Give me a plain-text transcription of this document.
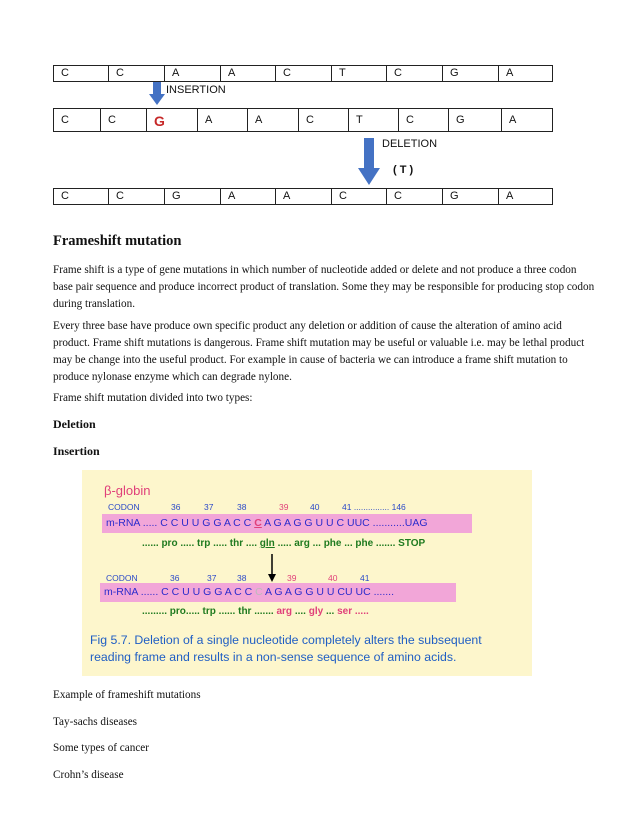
C	C	A	A	C	T	C	G	A
INSERTION
C	C	G	A	A	C	T	C	G	A
DELETION
( T )
C	C	G	A	A	C	C	G	A
Frameshift mutation

Frame shift is a type of gene mutations in which number of nucleotide added or delete and not produce a three codon base pair sequence and produce incorrect product of translation. Some they may be responsible for producing stop codon during translation.

Every three base have produce own specific product any deletion or addition of cause the alteration of amino acid product. Frame shift mutations is dangerous. Frame shift mutation may be useful or valuable i.e. may be lethal product may be change into the useful product. For example in cause of bacteria we can introduce a frame shift mutation to produce nylonase enzyme which can degrade nylone.

Frame shift mutation divided into two types:

Deletion
Insertion
β-globin
CODON	36	37	38	39	40	41 ............... 146
m-RNA ..... C C U U G G A C C C A G A G G U U C UUC ...........UAG
...... pro ..... trp ..... thr .... gln ..... arg ... phe ... phe ....... STOP
CODON	36	37 38	39	40	41
m-RNA ...... C C U U G G A C C C A G A G G U U CU UC .......
......... pro..... trp ...... thr ....... arg .... gly ... ser .....
Fig 5.7. Deletion of a single nucleotide completely alters the subsequent
reading frame and results in a non-sense sequence of amino acids.

Example of frameshift mutations

Tay-sachs diseases

Some types of cancer

Crohn’s disease
